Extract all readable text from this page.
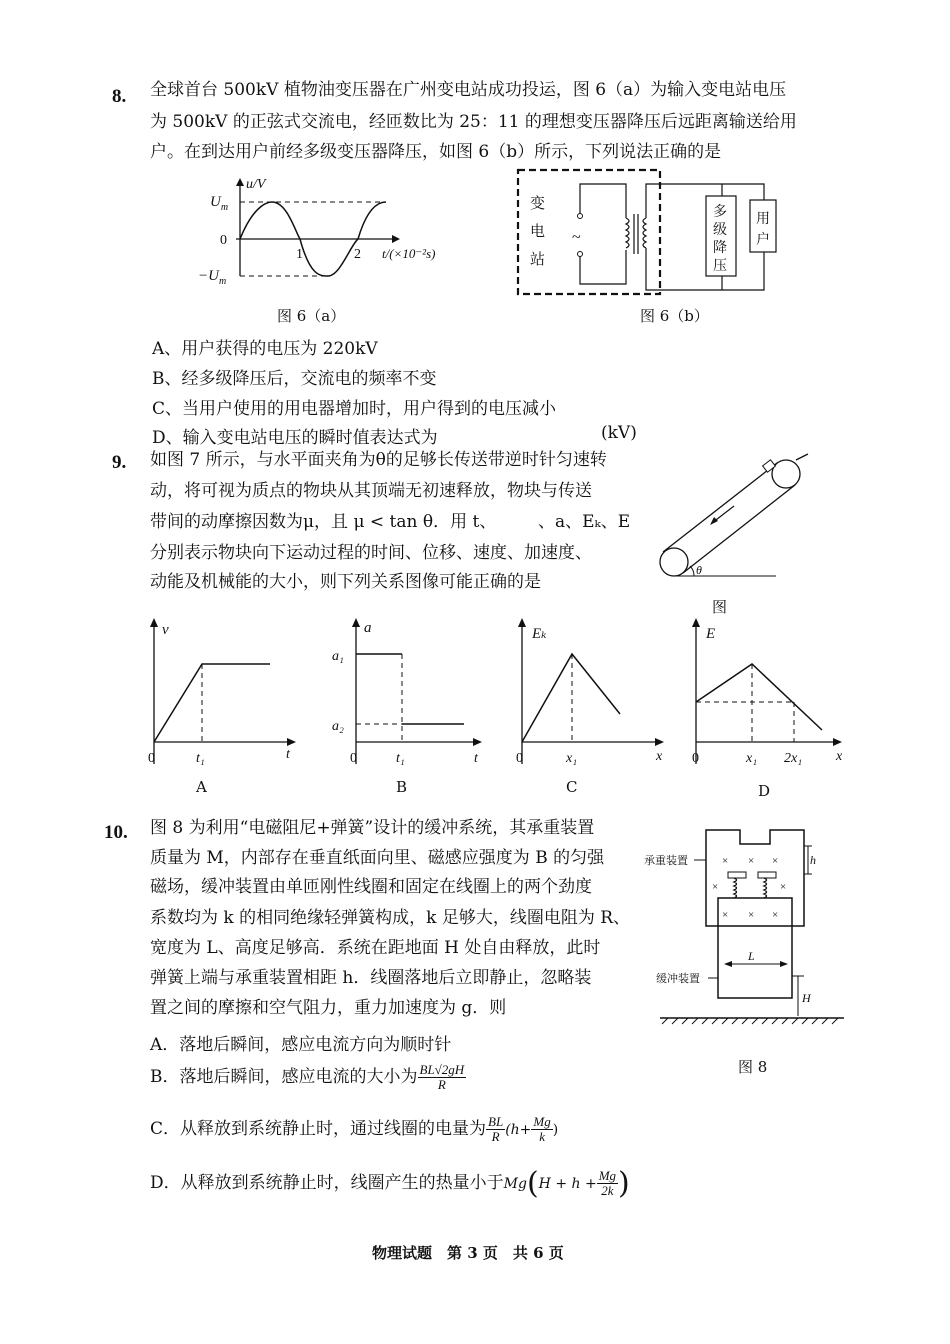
8. 全球首台 500kV 植物油变压器在广州变电站成功投运，图 6（a）为输入变电站电压
为 500kV 的正弦式交流电，经匝数比为 25：11 的理想变压器降压后远距离输送给用
户。在到达用户前经多级变压器降压，如图 6（b）所示，下列说法正确的是
u/V
$U_m$
0
$-U_m$
1	2 t/(×10⁻²s)
图 6（a）
变
电
站
~
多
级
降
压
用
户
图 6（b）
A、用户获得的电压为 220kV
B、经多级降压后，交流电的频率不变
C、当用户使用的用电器增加时，用户得到的电压减小
D、输入变电站电压的瞬时值表达式为	(kV)
9. 如图 7 所示，与水平面夹角为θ的足够长传送带逆时针匀速转
动，将可视为质点的物块从其顶端无初速释放，物块与传送
带间的动摩擦因数为μ，且 μ < tan θ．用 t、 、a、Eₖ、E
分别表示物块向下运动过程的时间、位移、速度、加速度、
动能及机械能的大小，则下列关系图像可能正确的是
θ
图
v
0	t₁	t
A
a
a₁
a₂
0	t₁	t
B
Eₖ
0	x₁	x
C
E
0	x₁ 2x₁ x
D
10. 图 8 为利用“电磁阻尼+弹簧”设计的缓冲系统，其承重装置
质量为 M，内部存在垂直纸面向里、磁感应强度为 B 的匀强
磁场，缓冲装置由单匝刚性线圈和固定在线圈上的两个劲度
系数均为 k 的相同绝缘轻弹簧构成，k 足够大，线圈电阻为 R、
宽度为 L、高度足够高．系统在距地面 H 处自由释放，此时
弹簧上端与承重装置相距 h．线圈落地后立即静止，忽略装
置之间的摩擦和空气阻力，重力加速度为 g．则
承重装置	× × ×
×	×
× × ×
L
h
缓冲装置
H
图 8
A．落地后瞬间，感应电流方向为顺时针
B．落地后瞬间，感应电流的大小为 $\frac{BL√2gH}{R}$
C．从释放到系统静止时，通过线圈的电量为 $\frac{BL}{R} (h+ \frac{Mg}{k}$ )
D．从释放到系统静止时，线圈产生的热量小于$Mg(H + h + \frac{Mg}{2k}$ )
物理试题　第 3 页　共 6 页
